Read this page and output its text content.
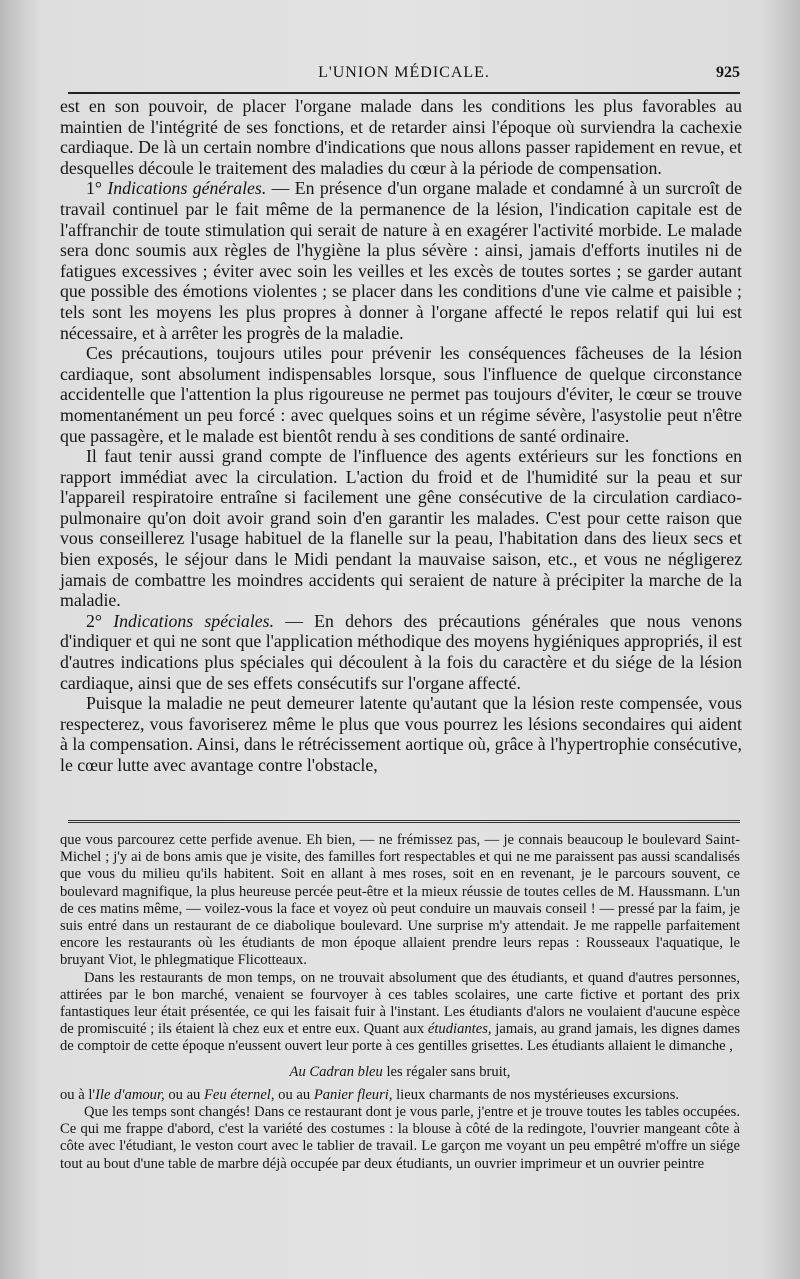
L'UNION MÉDICALE.	925

est en son pouvoir, de placer l'organe malade dans les conditions les plus favorables au maintien de l'intégrité de ses fonctions, et de retarder ainsi l'époque où surviendra la cachexie cardiaque. De là un certain nombre d'indications que nous allons passer rapidement en revue, et desquelles découle le traitement des maladies du cœur à la période de compensation.

1° Indications générales. — En présence d'un organe malade et condamné à un surcroît de travail continuel par le fait même de la permanence de la lésion, l'indication capitale est de l'affranchir de toute stimulation qui serait de nature à en exagérer l'activité morbide. Le malade sera donc soumis aux règles de l'hygiène la plus sévère : ainsi, jamais d'efforts inutiles ni de fatigues excessives ; éviter avec soin les veilles et les excès de toutes sortes ; se garder autant que possible des émotions violentes ; se placer dans les conditions d'une vie calme et paisible ; tels sont les moyens les plus propres à donner à l'organe affecté le repos relatif qui lui est nécessaire, et à arrêter les progrès de la maladie.

Ces précautions, toujours utiles pour prévenir les conséquences fâcheuses de la lésion cardiaque, sont absolument indispensables lorsque, sous l'influence de quelque circonstance accidentelle que l'attention la plus rigoureuse ne permet pas toujours d'éviter, le cœur se trouve momentanément un peu forcé : avec quelques soins et un régime sévère, l'asystolie peut n'être que passagère, et le malade est bientôt rendu à ses conditions de santé ordinaire.

Il faut tenir aussi grand compte de l'influence des agents extérieurs sur les fonctions en rapport immédiat avec la circulation. L'action du froid et de l'humidité sur la peau et sur l'appareil respiratoire entraîne si facilement une gêne consécutive de la circulation cardiaco-pulmonaire qu'on doit avoir grand soin d'en garantir les malades. C'est pour cette raison que vous conseillerez l'usage habituel de la flanelle sur la peau, l'habitation dans des lieux secs et bien exposés, le séjour dans le Midi pendant la mauvaise saison, etc., et vous ne négligerez jamais de combattre les moindres accidents qui seraient de nature à précipiter la marche de la maladie.

2° Indications spéciales. — En dehors des précautions générales que nous venons d'indiquer et qui ne sont que l'application méthodique des moyens hygiéniques appropriés, il est d'autres indications plus spéciales qui découlent à la fois du caractère et du siége de la lésion cardiaque, ainsi que de ses effets consécutifs sur l'organe affecté.

Puisque la maladie ne peut demeurer latente qu'autant que la lésion reste compensée, vous respecterez, vous favoriserez même le plus que vous pourrez les lésions secondaires qui aident à la compensation. Ainsi, dans le rétrécissement aortique où, grâce à l'hypertrophie consécutive, le cœur lutte avec avantage contre l'obstacle,

que vous parcourez cette perfide avenue. Eh bien, — ne frémissez pas, — je connais beaucoup le boulevard Saint-Michel ; j'y ai de bons amis que je visite, des familles fort respectables et qui ne me paraissent pas aussi scandalisés que vous du milieu qu'ils habitent. Soit en allant à mes roses, soit en en revenant, je le parcours souvent, ce boulevard magnifique, la plus heureuse percée peut-être et la mieux réussie de toutes celles de M. Haussmann. L'un de ces matins même, — voilez-vous la face et voyez où peut conduire un mauvais conseil ! — pressé par la faim, je suis entré dans un restaurant de ce diabolique boulevard. Une surprise m'y attendait. Je me rappelle parfaitement encore les restaurants où les étudiants de mon époque allaient prendre leurs repas : Rousseaux l'aquatique, le bruyant Viot, le phlegmatique Flicotteaux.

Dans les restaurants de mon temps, on ne trouvait absolument que des étudiants, et quand d'autres personnes, attirées par le bon marché, venaient se fourvoyer à ces tables scolaires, une carte fictive et portant des prix fantastiques leur était présentée, ce qui les faisait fuir à l'instant. Les étudiants d'alors ne voulaient d'aucune espèce de promiscuité ; ils étaient là chez eux et entre eux. Quant aux étudiantes, jamais, au grand jamais, les dignes dames de comptoir de cette époque n'eussent ouvert leur porte à ces gentilles grisettes. Les étudiants allaient le dimanche ,

Au Cadran bleu les régaler sans bruit,

ou à l'Ile d'amour, ou au Feu éternel, ou au Panier fleuri, lieux charmants de nos mystérieuses excursions.

Que les temps sont changés! Dans ce restaurant dont je vous parle, j'entre et je trouve toutes les tables occupées. Ce qui me frappe d'abord, c'est la variété des costumes : la blouse à côté de la redingote, l'ouvrier mangeant côte à côte avec l'étudiant, le veston court avec le tablier de travail. Le garçon me voyant un peu empêtré m'offre un siége tout au bout d'une table de marbre déjà occupée par deux étudiants, un ouvrier imprimeur et un ouvrier peintre
